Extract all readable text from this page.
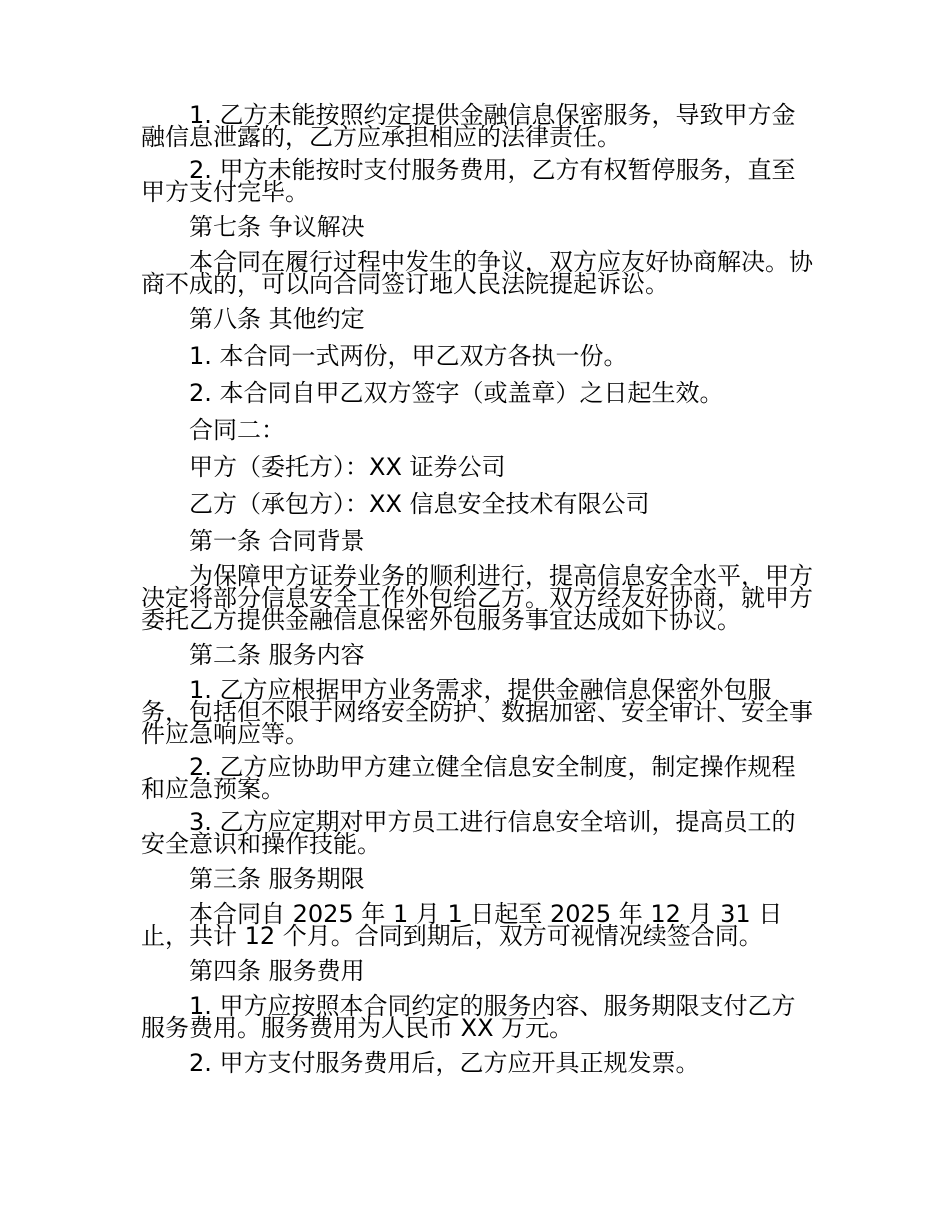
1. 乙方未能按照约定提供金融信息保密服务，导致甲方金融信息泄露的，乙方应承担相应的法律责任。

2. 甲方未能按时支付服务费用，乙方有权暂停服务，直至甲方支付完毕。

第七条 争议解决

本合同在履行过程中发生的争议，双方应友好协商解决。协商不成的，可以向合同签订地人民法院提起诉讼。

第八条 其他约定

1. 本合同一式两份，甲乙双方各执一份。

2. 本合同自甲乙双方签字（或盖章）之日起生效。

合同二：

甲方（委托方）：XX 证券公司

乙方（承包方）：XX 信息安全技术有限公司

第一条 合同背景

为保障甲方证券业务的顺利进行，提高信息安全水平，甲方决定将部分信息安全工作外包给乙方。双方经友好协商，就甲方委托乙方提供金融信息保密外包服务事宜达成如下协议。

第二条 服务内容

1. 乙方应根据甲方业务需求，提供金融信息保密外包服务，包括但不限于网络安全防护、数据加密、安全审计、安全事件应急响应等。

2. 乙方应协助甲方建立健全信息安全制度，制定操作规程和应急预案。

3. 乙方应定期对甲方员工进行信息安全培训，提高员工的安全意识和操作技能。

第三条 服务期限

本合同自 2025 年 1 月 1 日起至 2025 年 12 月 31 日止，共计 12 个月。合同到期后，双方可视情况续签合同。

第四条 服务费用

1. 甲方应按照本合同约定的服务内容、服务期限支付乙方服务费用。服务费用为人民币 XX 万元。

2. 甲方支付服务费用后，乙方应开具正规发票。
